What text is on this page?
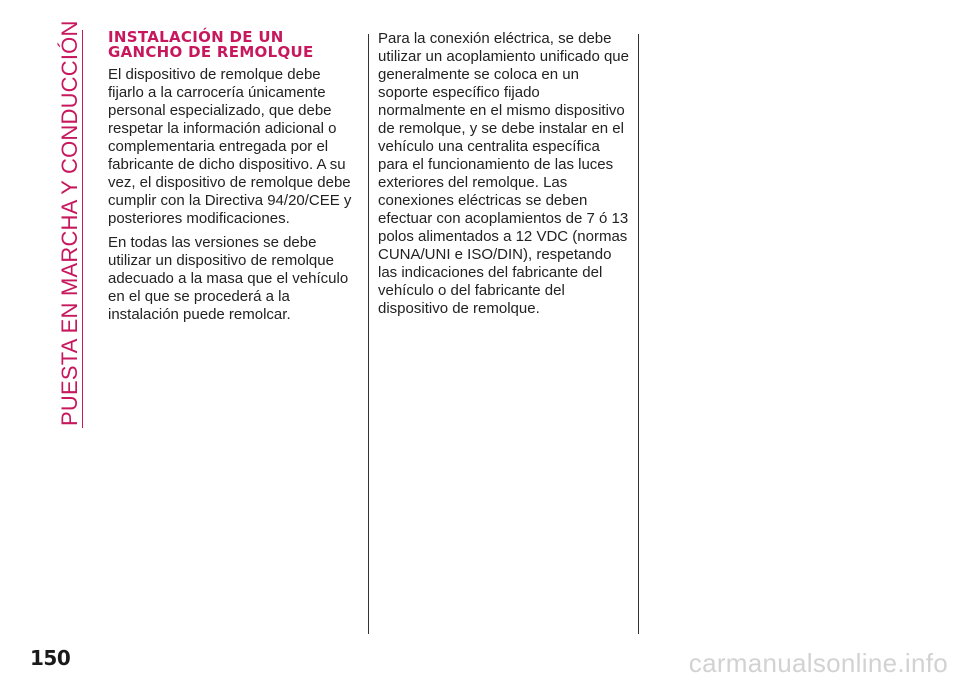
PUESTA EN MARCHA Y CONDUCCIÓN INSTALACIÓN DE UN
GANCHO DE REMOLQUE

El dispositivo de remolque debe fijarlo a la carrocería únicamente personal especializado, que debe respetar la información adicional o complementaria entregada por el fabricante de dicho dispositivo. A su vez, el dispositivo de remolque debe cumplir con la Directiva 94/20/CEE y posteriores modificaciones.

En todas las versiones se debe utilizar un dispositivo de remolque adecuado a la masa que el vehículo en el que se procederá a la instalación puede remolcar.

Para la conexión eléctrica, se debe utilizar un acoplamiento unificado que generalmente se coloca en un soporte específico fijado normalmente en el mismo dispositivo de remolque, y se debe instalar en el vehículo una centralita específica para el funcionamiento de las luces exteriores del remolque. Las conexiones eléctricas se deben efectuar con acoplamientos de 7 ó 13 polos alimentados a 12 VDC (normas CUNA/UNI e ISO/DIN), respetando las indicaciones del fabricante del vehículo o del fabricante del dispositivo de remolque.

150	carmanualsonline.info
